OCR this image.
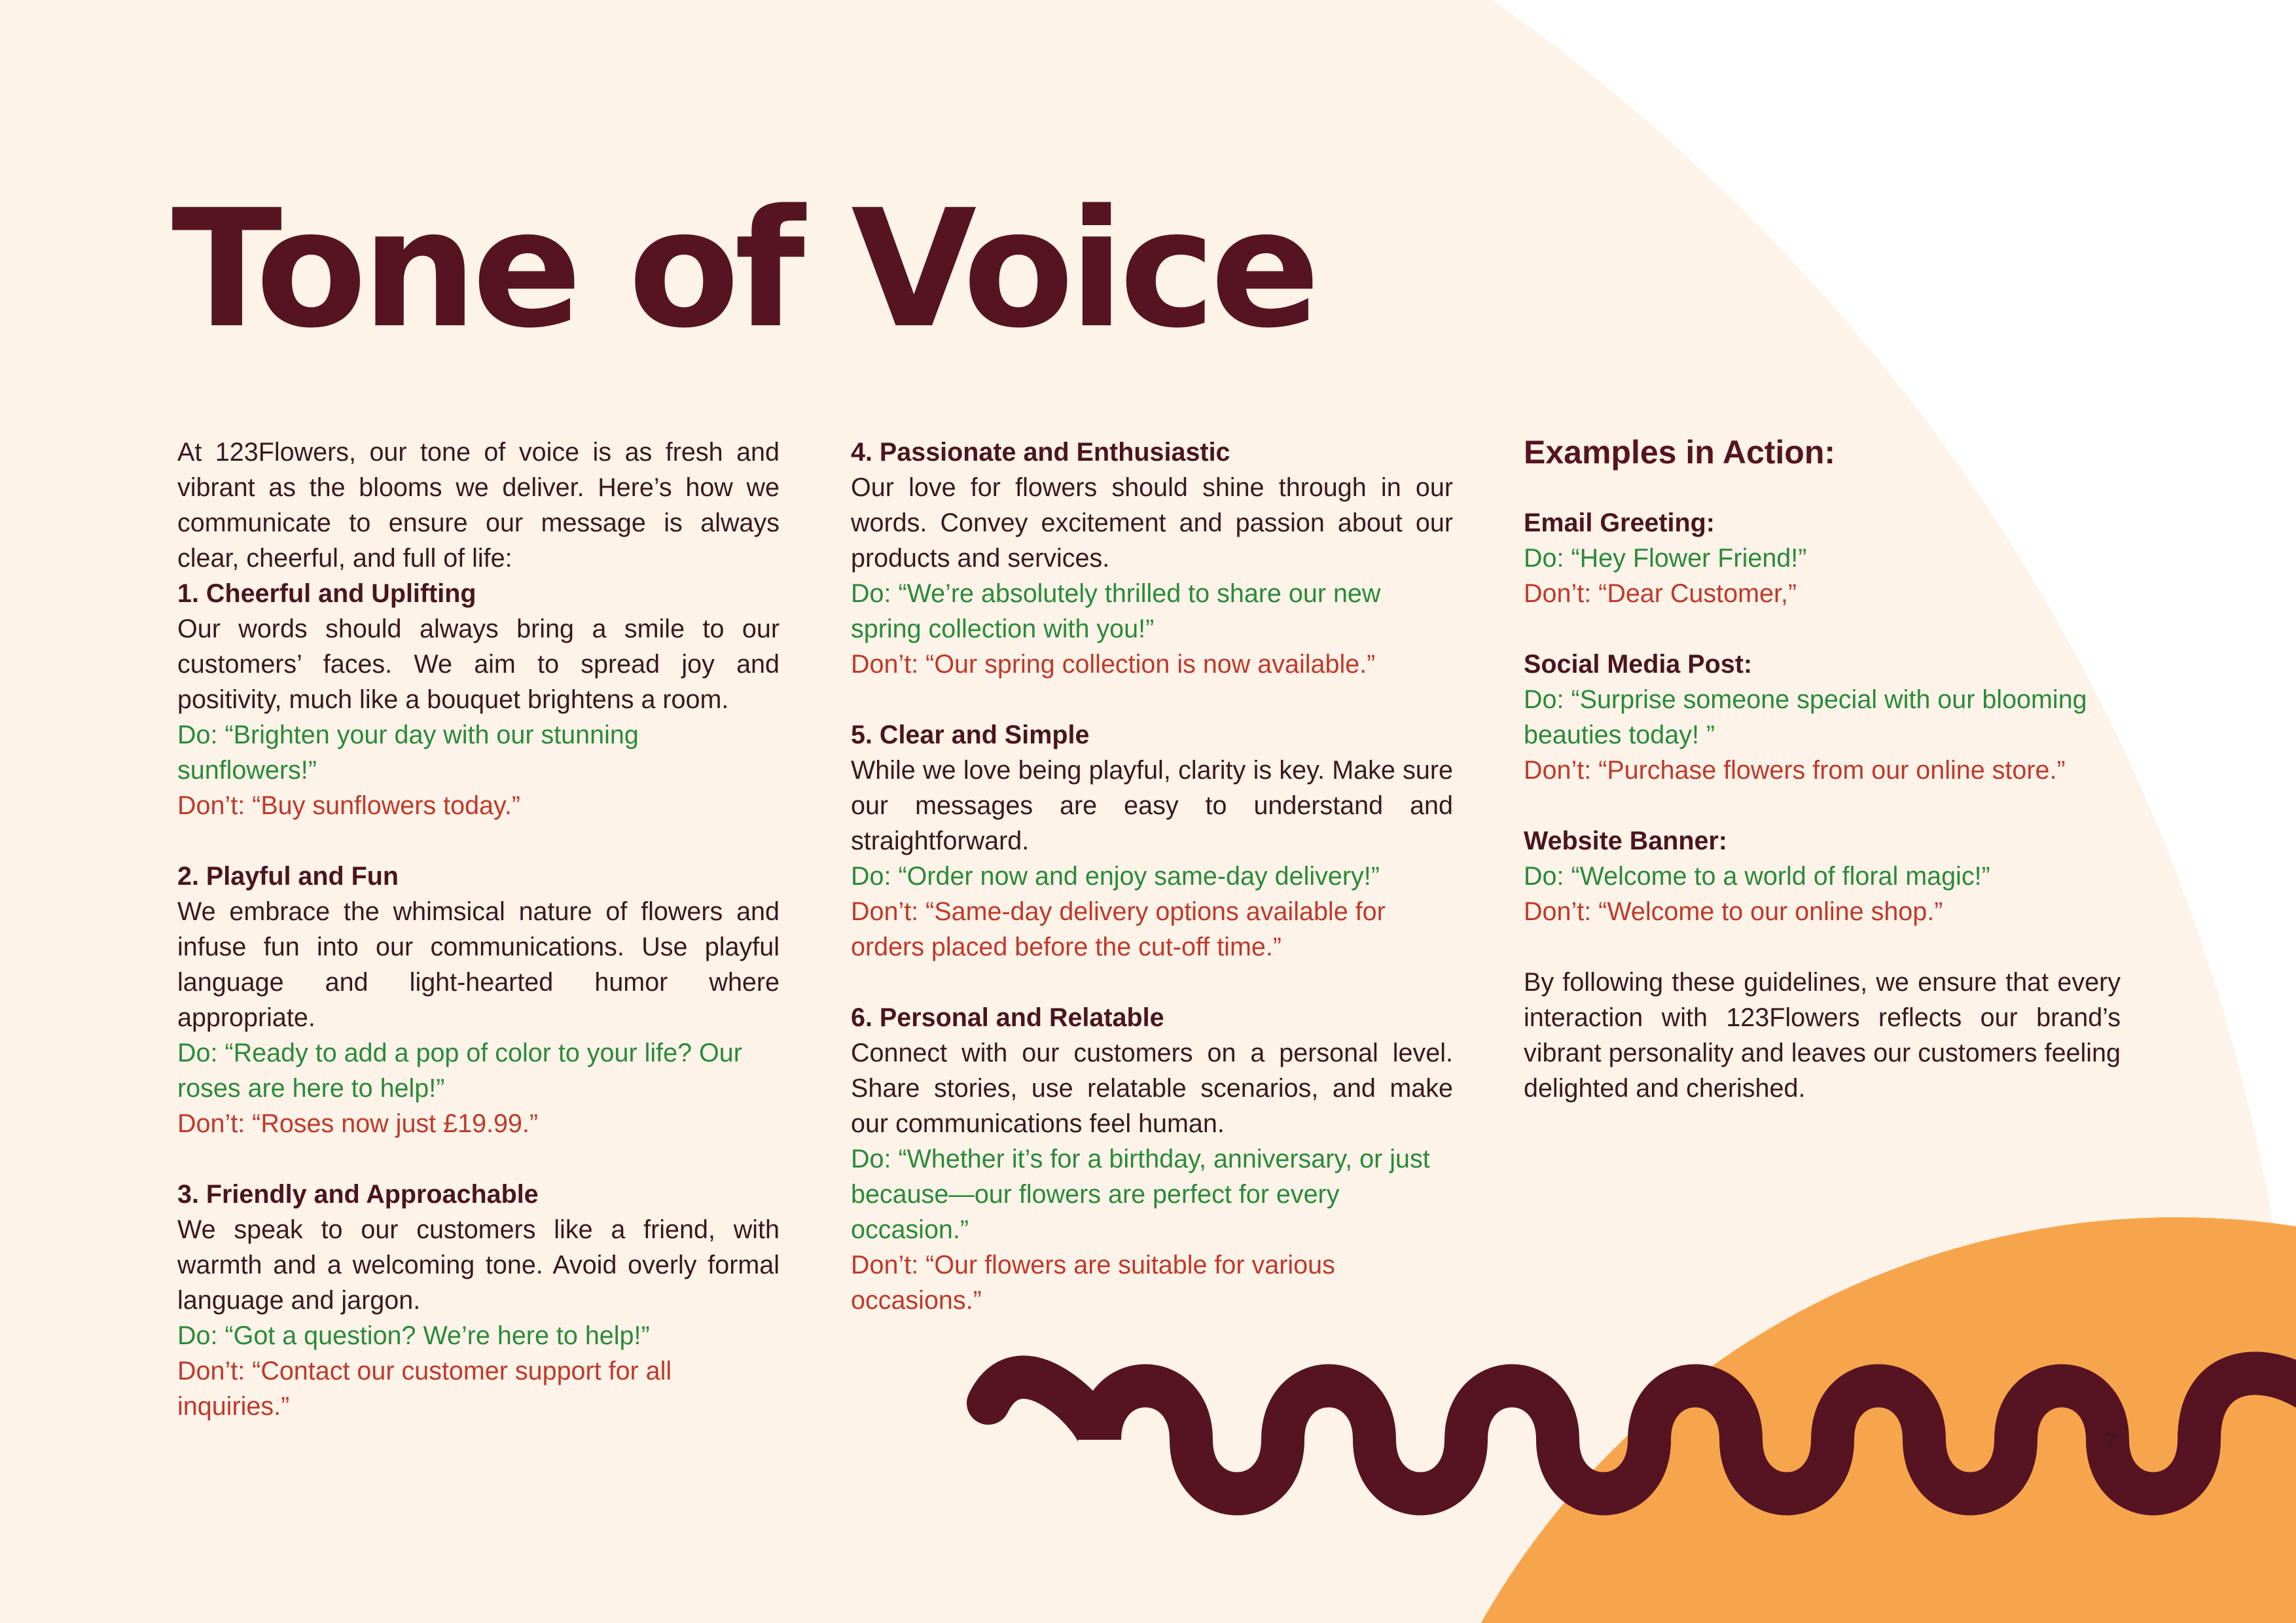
Tone of Voice

At 123Flowers, our tone of voice is as fresh and vibrant as the blooms we deliver. Here’s how we communicate to ensure our message is always clear, cheerful, and full of life:

1. Cheerful and Uplifting

Our words should always bring a smile to our customers’ faces. We aim to spread joy and positivity, much like a bouquet brightens a room.

Do: “Brighten your day with our stunning sunflowers!”

Don’t: “Buy sunflowers today.”

2. Playful and Fun

We embrace the whimsical nature of flowers and infuse fun into our communications. Use playful language and light-hearted humor where appropriate.

Do: “Ready to add a pop of color to your life? Our roses are here to help!”

Don’t: “Roses now just £19.99.”

3. Friendly and Approachable

We speak to our customers like a friend, with warmth and a welcoming tone. Avoid overly formal language and jargon.

Do: “Got a question? We’re here to help!”

Don’t: “Contact our customer support for all inquiries.”

4. Passionate and Enthusiastic

Our love for flowers should shine through in our words. Convey excitement and passion about our products and services.

Do: “We’re absolutely thrilled to share our new spring collection with you!”

Don’t: “Our spring collection is now available.”

5. Clear and Simple

While we love being playful, clarity is key. Make sure our messages are easy to understand and straightforward.

Do: “Order now and enjoy same-day delivery!”

Don’t: “Same-day delivery options available for orders placed before the cut-off time.”

6. Personal and Relatable

Connect with our customers on a personal level. Share stories, use relatable scenarios, and make our communications feel human.

Do: “Whether it’s for a birthday, anniversary, or just because—our flowers are perfect for every occasion.”

Don’t: “Our flowers are suitable for various occasions.”

Examples in Action:

Email Greeting:

Do: “Hey Flower Friend!”

Don’t: “Dear Customer,”

Social Media Post:

Do: “Surprise someone special with our blooming beauties today! ”

Don’t: “Purchase flowers from our online store.”

Website Banner:

Do: “Welcome to a world of floral magic!”

Don’t: “Welcome to our online shop.”

By following these guidelines, we ensure that every interaction with 123Flowers reflects our brand’s vibrant personality and leaves our customers feeling delighted and cherished.

7
